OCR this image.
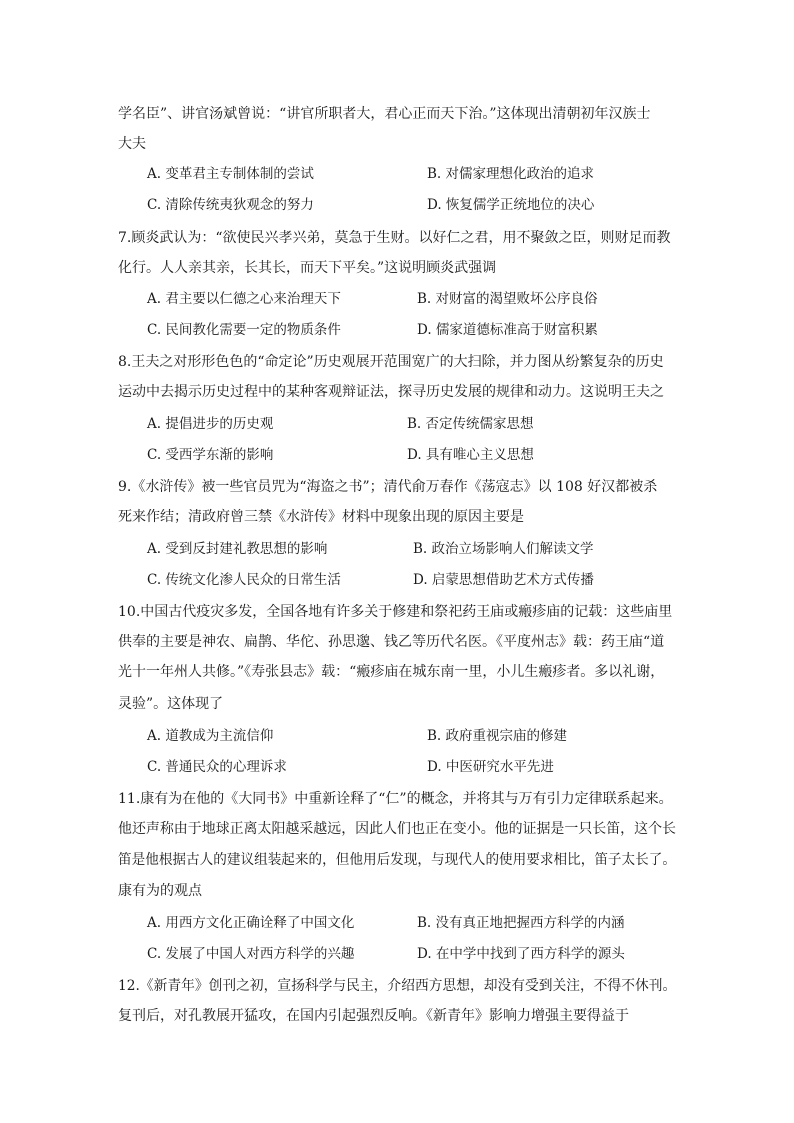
学名臣”、讲官汤斌曾说：“讲官所职者大，君心正而天下治。”这体现出清朝初年汉族士
大夫
A. 变革君主专制体制的尝试	B. 对儒家理想化政治的追求
C. 清除传统夷狄观念的努力	D. 恢复儒学正统地位的决心
7.顾炎武认为：“欲使民兴孝兴弟，莫急于生财。以好仁之君，用不聚敛之臣，则财足而教
化行。人人亲其亲，长其长，而天下平矣。”这说明顾炎武强调
A. 君主要以仁德之心来治理天下	B. 对财富的渴望败坏公序良俗
C. 民间教化需要一定的物质条件	D. 儒家道德标准高于财富积累
8.王夫之对形形色色的“命定论”历史观展开范围宽广的大扫除，并力图从纷繁复杂的历史
运动中去揭示历史过程中的某种客观辩证法，探寻历史发展的规律和动力。这说明王夫之
A. 提倡进步的历史观	B. 否定传统儒家思想
C. 受西学东渐的影响	D. 具有唯心主义思想
9.《水浒传》被一些官员咒为“海盗之书”；清代俞万春作《荡寇志》以 108 好汉都被杀
死来作结；清政府曾三禁《水浒传》材料中现象出现的原因主要是
A. 受到反封建礼教思想的影响	B. 政治立场影响人们解读文学
C. 传统文化渗人民众的日常生活	D. 启蒙思想借助艺术方式传播
10.中国古代疫灾多发，全国各地有许多关于修建和祭祀药王庙或瘢疹庙的记载：这些庙里
供奉的主要是神农、扁鹊、华佗、孙思邈、钱乙等历代名医。《平度州志》载：药王庙“道
光十一年州人共修。”《寿张县志》载：“瘢疹庙在城东南一里，小儿生瘢疹者。多以礼谢，
灵验”。这体现了
A. 道教成为主流信仰	B. 政府重视宗庙的修建
C. 普通民众的心理诉求	D. 中医研究水平先进
11.康有为在他的《大同书》中重新诠释了“仁”的概念，并将其与万有引力定律联系起来。
他还声称由于地球正离太阳越采越远，因此人们也正在变小。他的证据是一只长笛，这个长
笛是他根据古人的建议组装起来的，但他用后发现，与现代人的使用要求相比，笛子太长了。
康有为的观点
A. 用西方文化正确诠释了中国文化	B. 没有真正地把握西方科学的内涵
C. 发展了中国人对西方科学的兴趣	D. 在中学中找到了西方科学的源头
12.《新青年》创刊之初，宣扬科学与民主，介绍西方思想，却没有受到关注，不得不休刊。
复刊后，对孔教展开猛攻，在国内引起强烈反响。《新青年》影响力增强主要得益于
